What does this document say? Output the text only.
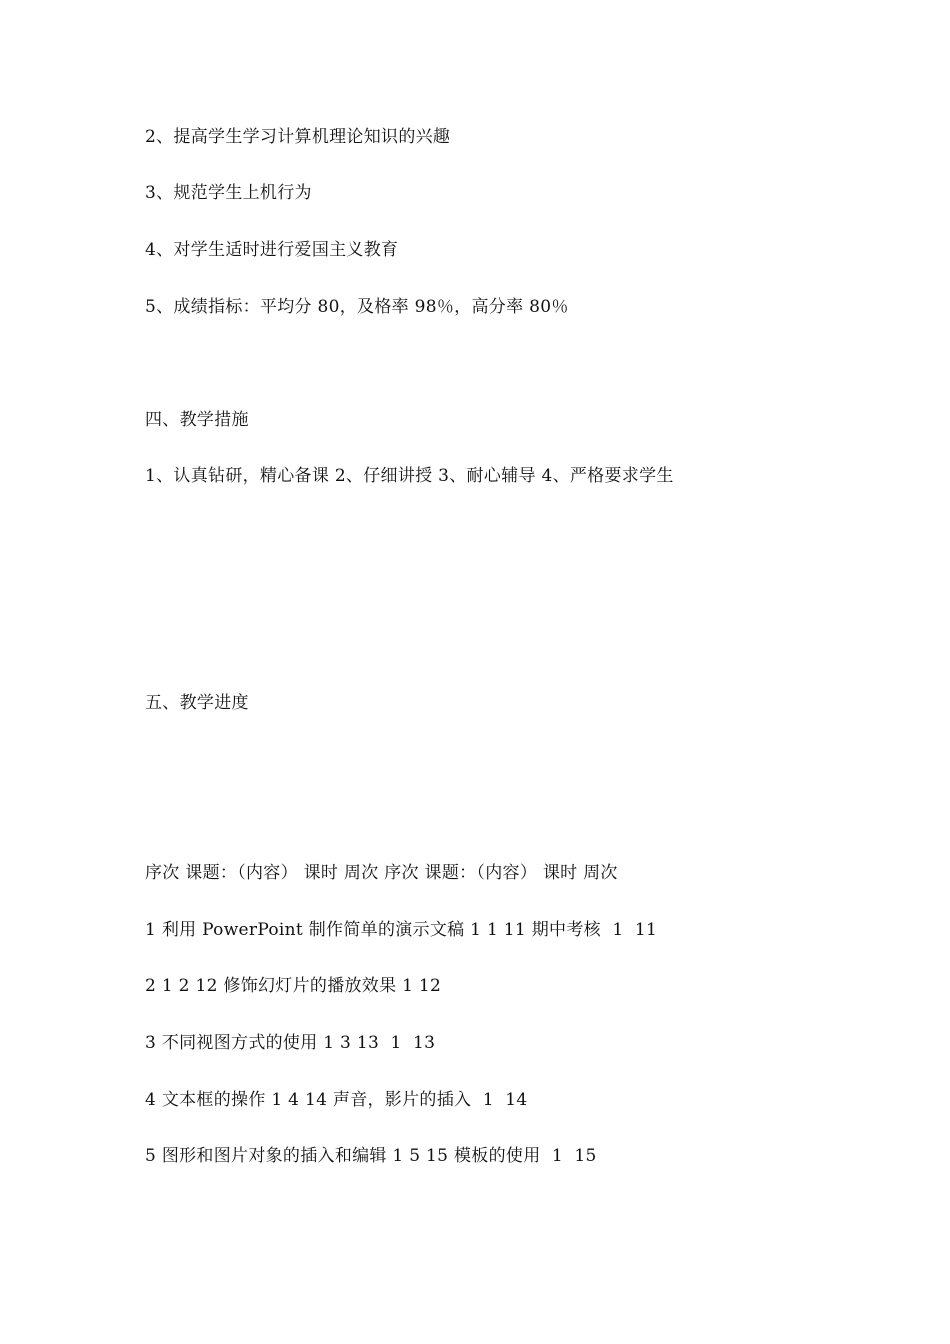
2、提高学生学习计算机理论知识的兴趣
3、规范学生上机行为
4、对学生适时进行爱国主义教育
5、成绩指标：平均分 80，及格率 98％，高分率 80％
四、教学措施
1、认真钻研，精心备课 2、仔细讲授 3、耐心辅导 4、严格要求学生
五、教学进度
序次 课题：（内容） 课时 周次 序次 课题：（内容） 课时 周次
1 利用 PowerPoint 制作简单的演示文稿 1 1 11 期中考核  1  11
2 1 2 12 修饰幻灯片的播放效果 1 12
3 不同视图方式的使用 1 3 13  1  13
4 文本框的操作 1 4 14 声音，影片的插入  1  14
5 图形和图片对象的插入和编辑 1 5 15 模板的使用  1  15
